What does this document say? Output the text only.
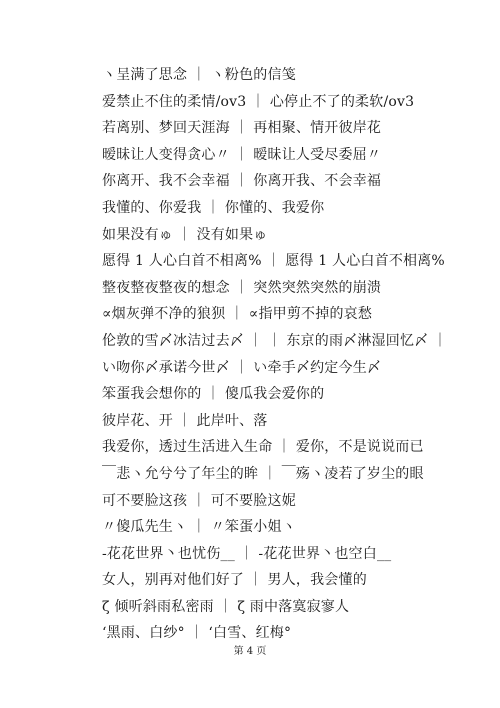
ヽ呈满了思念 ｜ ヽ粉色的信笺
爱禁止不住的柔情/ov3 ｜ 心停止不了的柔软/ov3
若离别、梦回天涯海 ｜ 再相聚、情开彼岸花
暧昧让人变得贪心〃 ｜ 暧昧让人受尽委屈〃
你离开、我不会幸福 ｜ 你离开我、不会幸福
我懂的、你爱我 ｜ 你懂的、我爱你
如果没有ゅ ｜ 没有如果ゅ
愿得 1 人心白首不相离% ｜ 愿得 1 人心白首不相离%
整夜整夜整夜的想念 ｜ 突然突然突然的崩溃
∝烟灰弹不净的狼狈 ｜ ∝指甲剪不掉的哀愁
伦敦的雪〆冰洁过去〆 ｜ ｜ 东京的雨〆淋湿回忆〆 ｜
い吻你〆承诺今世〆 ｜ い牵手〆约定今生〆
笨蛋我会想你的 ｜ 傻瓜我会爱你的
彼岸花、开 ｜ 此岸叶、落
我爱你，透过生活进入生命 ｜ 爱你，不是说说而已
￣悲ヽ允兮兮了年尘的眸 ｜ ￣殇ヽ凌若了岁尘的眼
可不要脸这孩 ｜ 可不要脸这妮
〃傻瓜先生ヽ ｜ 〃笨蛋小姐ヽ
-花花世界丶也忧伤__ ｜ -花花世界丶也空白__
女人，别再对他们好了 ｜ 男人，我会懂的
ζ 倾听斜雨私密雨 ｜ ζ 雨中落寞寂寥人
‘黑雨、白纱° ｜ ‘白雪、红梅°
第 4 页
